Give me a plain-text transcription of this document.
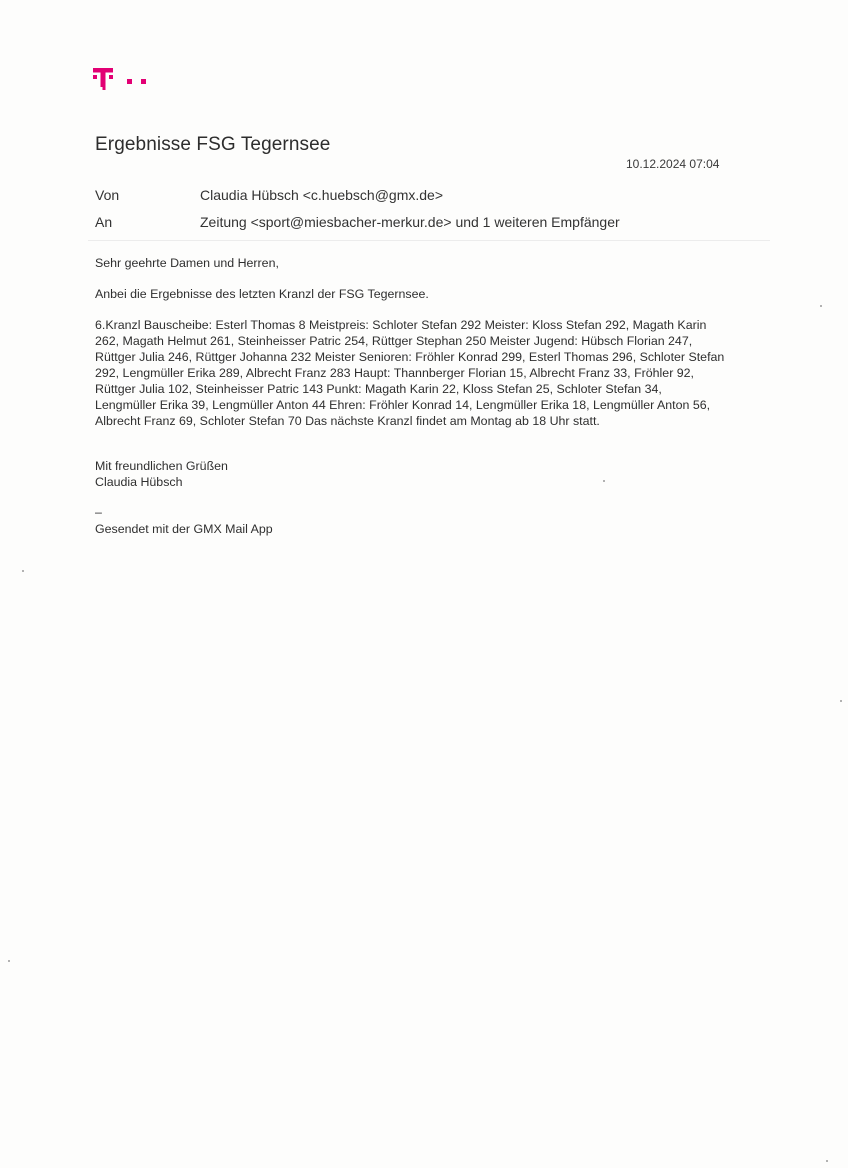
Ergebnisse FSG Tegernsee
10.12.2024 07:04
Von	Claudia Hübsch <c.huebsch@gmx.de>
An	Zeitung <sport@miesbacher-merkur.de> und 1 weiteren Empfänger
Sehr geehrte Damen und Herren,
Anbei die Ergebnisse des letzten Kranzl der FSG Tegernsee.
6.Kranzl Bauscheibe: Esterl Thomas 8 Meistpreis: Schloter Stefan 292 Meister: Kloss Stefan 292, Magath Karin 262, Magath Helmut 261, Steinheisser Patric 254, Rüttger Stephan 250 Meister Jugend: Hübsch Florian 247, Rüttger Julia 246, Rüttger Johanna 232 Meister Senioren: Fröhler Konrad 299, Esterl Thomas 296, Schloter Stefan 292, Lengmüller Erika 289, Albrecht Franz 283 Haupt: Thannberger Florian 15, Albrecht Franz 33, Fröhler 92, Rüttger Julia 102, Steinheisser Patric 143 Punkt: Magath Karin 22, Kloss Stefan 25, Schloter Stefan 34, Lengmüller Erika 39, Lengmüller Anton 44 Ehren: Fröhler Konrad 14, Lengmüller Erika 18, Lengmüller Anton 56, Albrecht Franz 69, Schloter Stefan 70 Das nächste Kranzl findet am Montag ab 18 Uhr statt.
Mit freundlichen Grüßen
Claudia Hübsch
–
Gesendet mit der GMX Mail App
